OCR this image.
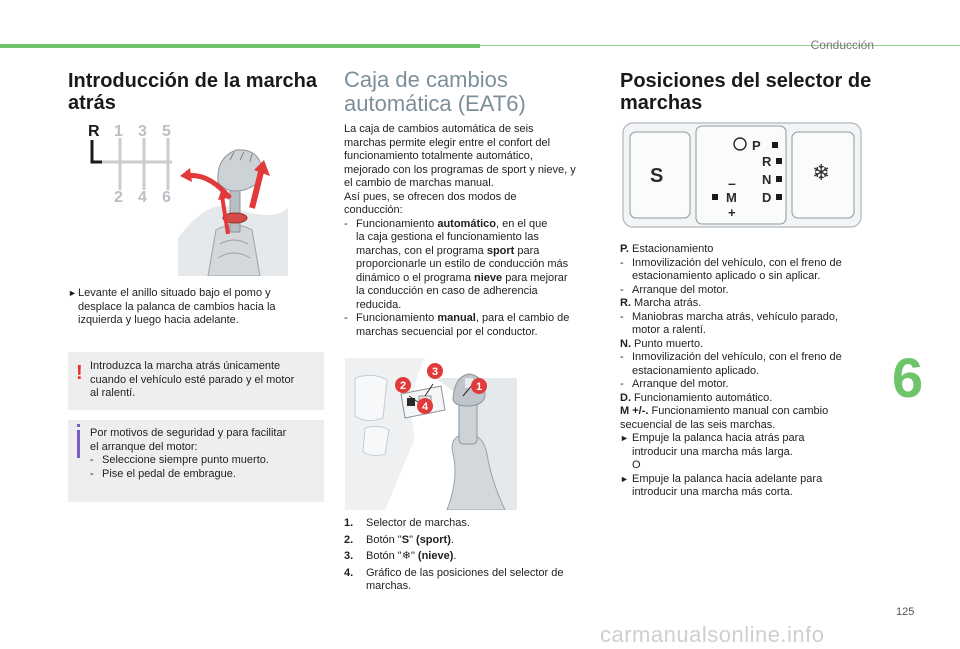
Conducción
6
125
carmanualsonline.info
Introducción de la marcha
atrás
R 1 3 5
2 4 6
► Levante el anillo situado bajo el pomo y

desplace la palanca de cambios hacia la

izquierda y luego hacia adelante.

! Introduzca la marcha atrás únicamente

cuando el vehículo esté parado y el motor

al ralentí.

Por motivos de seguridad y para facilitar

el arranque del motor:

- Seleccione siempre punto muerto.

- Pise el pedal de embrague.

Caja de cambios
automática (EAT6)

La caja de cambios automática de seis

marchas permite elegir entre el confort del

funcionamiento totalmente automático,

mejorado con los programas de sport y nieve, y

el cambio de marchas manual.

Así pues, se ofrecen dos modos de

conducción:

- Funcionamiento automático, en el que

la caja gestiona el funcionamiento las

marchas, con el programa sport para

proporcionarle un estilo de conducción más

dinámico o el programa nieve para mejorar

la conducción en caso de adherencia

reducida.

- Funcionamiento manual, para el cambio de

marchas secuencial por el conductor.

1
2
3
4
1.	Selector de marchas.

2.	Botón "S" (sport).

3.	Botón "❄" (nieve).

4.	Gráfico de las posiciones del selector de

marchas.

Posiciones del selector de
marchas
S	❄
P
R
N
D
M
–
+

P. Estacionamiento

- Inmovilización del vehículo, con el freno de

estacionamiento aplicado o sin aplicar.

- Arranque del motor.

R. Marcha atrás.

- Maniobras marcha atrás, vehículo parado,

motor a ralentí.

N. Punto muerto.

- Inmovilización del vehículo, con el freno de

estacionamiento aplicado.

- Arranque del motor.

D. Funcionamiento automático.

M +/-. Funcionamiento manual con cambio

secuencial de las seis marchas.

► Empuje la palanca hacia atrás para

introducir una marcha más larga.

O

► Empuje la palanca hacia adelante para

introducir una marcha más corta.
